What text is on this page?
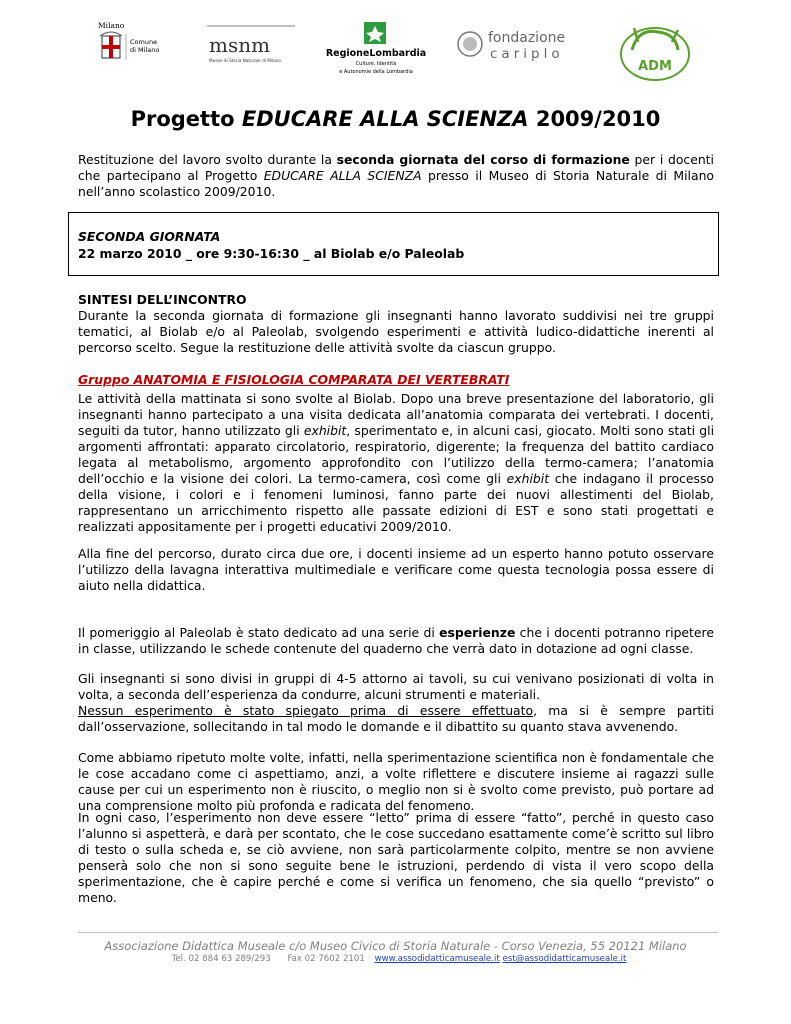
Milano
Comune
di Milano msnm
Museo di Storia Naturale di Milano
RegioneLombardia
Culture, Identità
e Autonomie della Lombardia
fondazione
cariplo
ADM
Progetto EDUCARE ALLA SCIENZA 2009/2010

Restituzione del lavoro svolto durante la seconda giornata del corso di formazione per i docenti che partecipano al Progetto EDUCARE ALLA SCIENZA presso il Museo di Storia Naturale di Milano nell’anno scolastico 2009/2010.

SECONDA GIORNATA
22 marzo 2010 _ ore 9:30-16:30 _ al Biolab e/o Paleolab

SINTESI DELL’INCONTRO

Durante la seconda giornata di formazione gli insegnanti hanno lavorato suddivisi nei tre gruppi tematici, al Biolab e/o al Paleolab, svolgendo esperimenti e attività ludico-didattiche inerenti al percorso scelto. Segue la restituzione delle attività svolte da ciascun gruppo.

Gruppo ANATOMIA E FISIOLOGIA COMPARATA DEI VERTEBRATI

Le attività della mattinata si sono svolte al Biolab. Dopo una breve presentazione del laboratorio, gli insegnanti hanno partecipato a una visita dedicata all’anatomia comparata dei vertebrati. I docenti, seguiti da tutor, hanno utilizzato gli exhibit, sperimentato e, in alcuni casi, giocato. Molti sono stati gli argomenti affrontati: apparato circolatorio, respiratorio, digerente; la frequenza del battito cardiaco legata al metabolismo, argomento approfondito con l’utilizzo della termo-camera; l’anatomia dell’occhio e la visione dei colori. La termo-camera, così come gli exhibit che indagano il processo della visione, i colori e i fenomeni luminosi, fanno parte dei nuovi allestimenti del Biolab, rappresentano un arricchimento rispetto alle passate edizioni di EST e sono stati progettati e realizzati appositamente per i progetti educativi 2009/2010.

Alla fine del percorso, durato circa due ore, i docenti insieme ad un esperto hanno potuto osservare l’utilizzo della lavagna interattiva multimediale e verificare come questa tecnologia possa essere di aiuto nella didattica.

Il pomeriggio al Paleolab è stato dedicato ad una serie di esperienze che i docenti potranno ripetere in classe, utilizzando le schede contenute del quaderno che verrà dato in dotazione ad ogni classe.

Gli insegnanti si sono divisi in gruppi di 4-5 attorno ai tavoli, su cui venivano posizionati di volta in volta, a seconda dell’esperienza da condurre, alcuni strumenti e materiali.
Nessun esperimento è stato spiegato prima di essere effettuato, ma si è sempre partiti dall’osservazione, sollecitando in tal modo le domande e il dibattito su quanto stava avvenendo.

Come abbiamo ripetuto molte volte, infatti, nella sperimentazione scientifica non è fondamentale che le cose accadano come ci aspettiamo, anzi, a volte riflettere e discutere insieme ai ragazzi sulle cause per cui un esperimento non è riuscito, o meglio non si è svolto come previsto, può portare ad una comprensione molto più profonda e radicata del fenomeno.

In ogni caso, l’esperimento non deve essere “letto” prima di essere “fatto”, perché in questo caso l’alunno si aspetterà, e darà per scontato, che le cose succedano esattamente come’è scritto sul libro di testo o sulla scheda e, se ciò avviene, non sarà particolarmente colpito, mentre se non avviene penserà solo che non si sono seguite bene le istruzioni, perdendo di vista il vero scopo della sperimentazione, che è capire perché e come si verifica un fenomeno, che sia quello “previsto” o meno.

Associazione Didattica Museale c/o Museo Civico di Storia Naturale - Corso Venezia, 55 20121 Milano
Tel. 02 884 63 289/293 Fax 02 7602 2101 www.assodidatticamuseale.it est@assodidatticamuseale.it
